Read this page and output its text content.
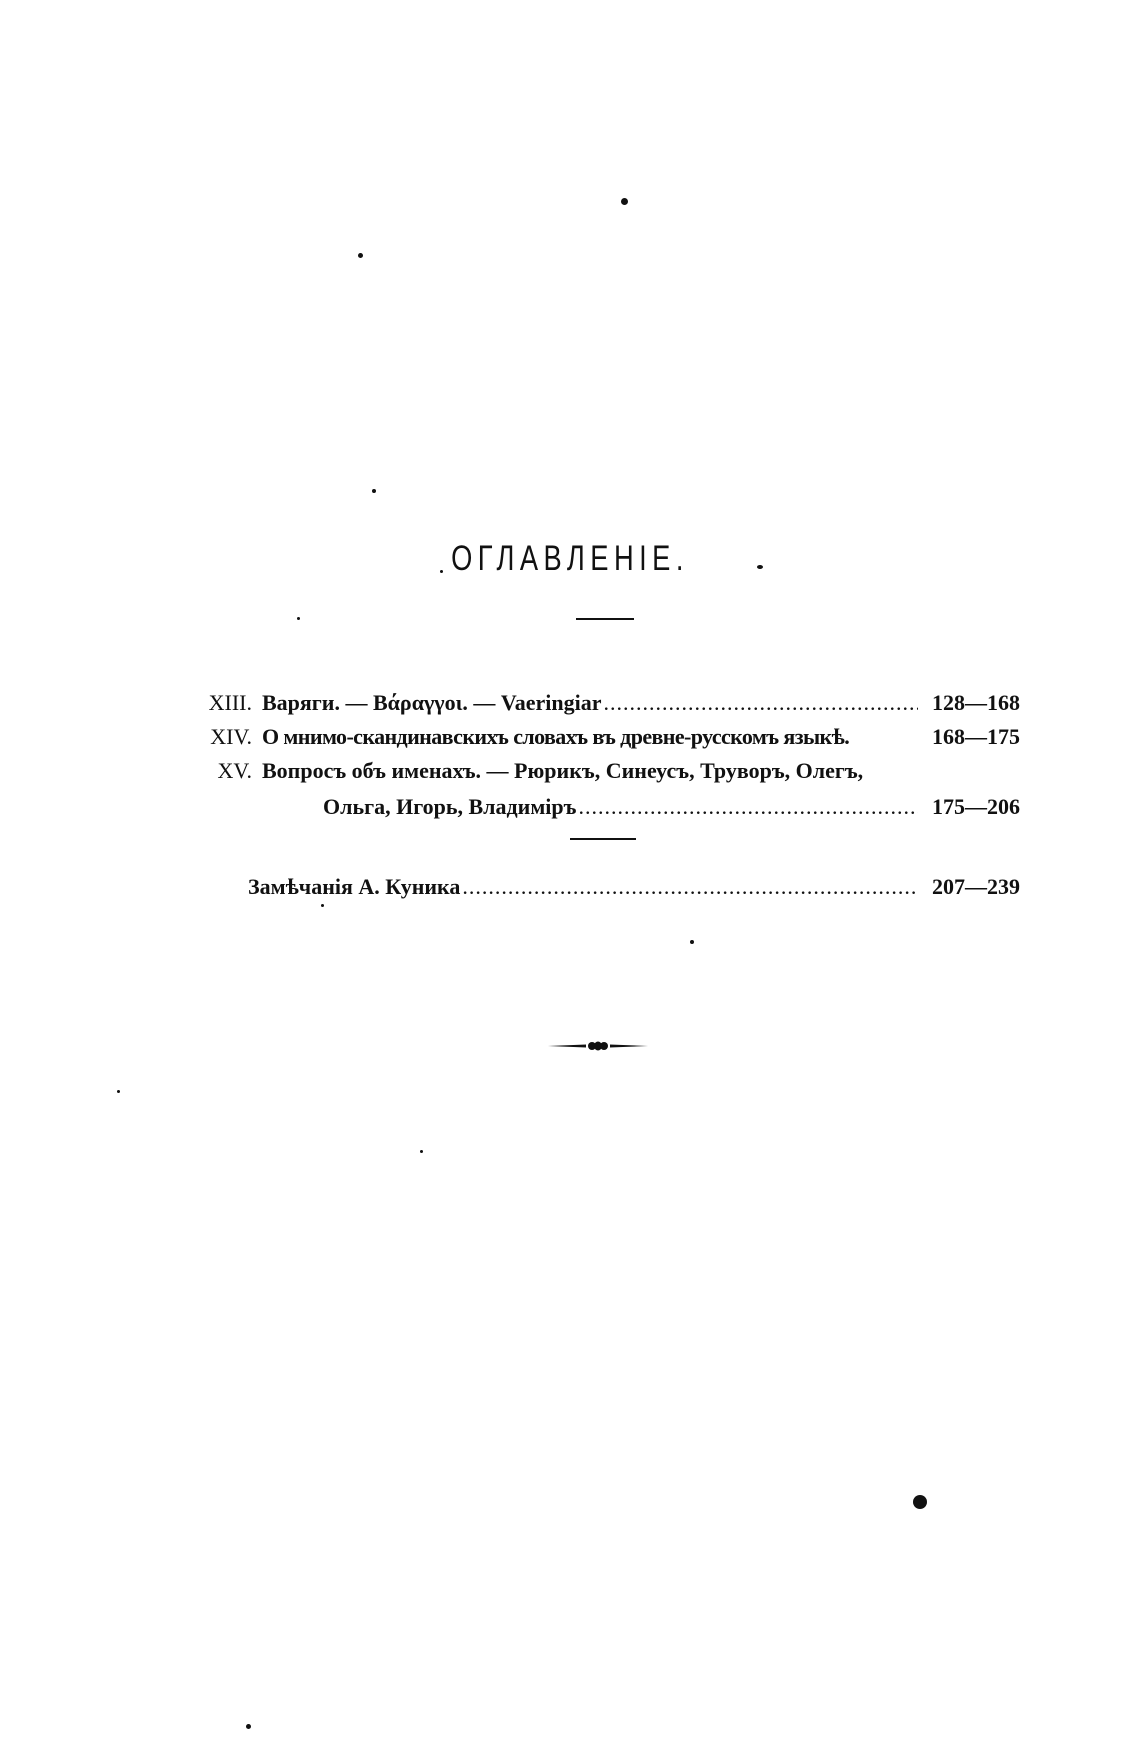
ОГЛАВЛЕНIЕ.
XIII. Варяги. — Βάραγγοι. — Vaeringiar .....	128—168
XIV. О мнимо-скандинавскихъ словахъ въ древне-русскомъ языкѣ.	168—175
XV. Вопросъ объ именахъ. — Рюрикъ, Синеусъ, Труворъ, Олегъ,
Ольга, Игорь, Владимiръ .....	175—206
Замѣчанiя А. Куника .....	207—239
